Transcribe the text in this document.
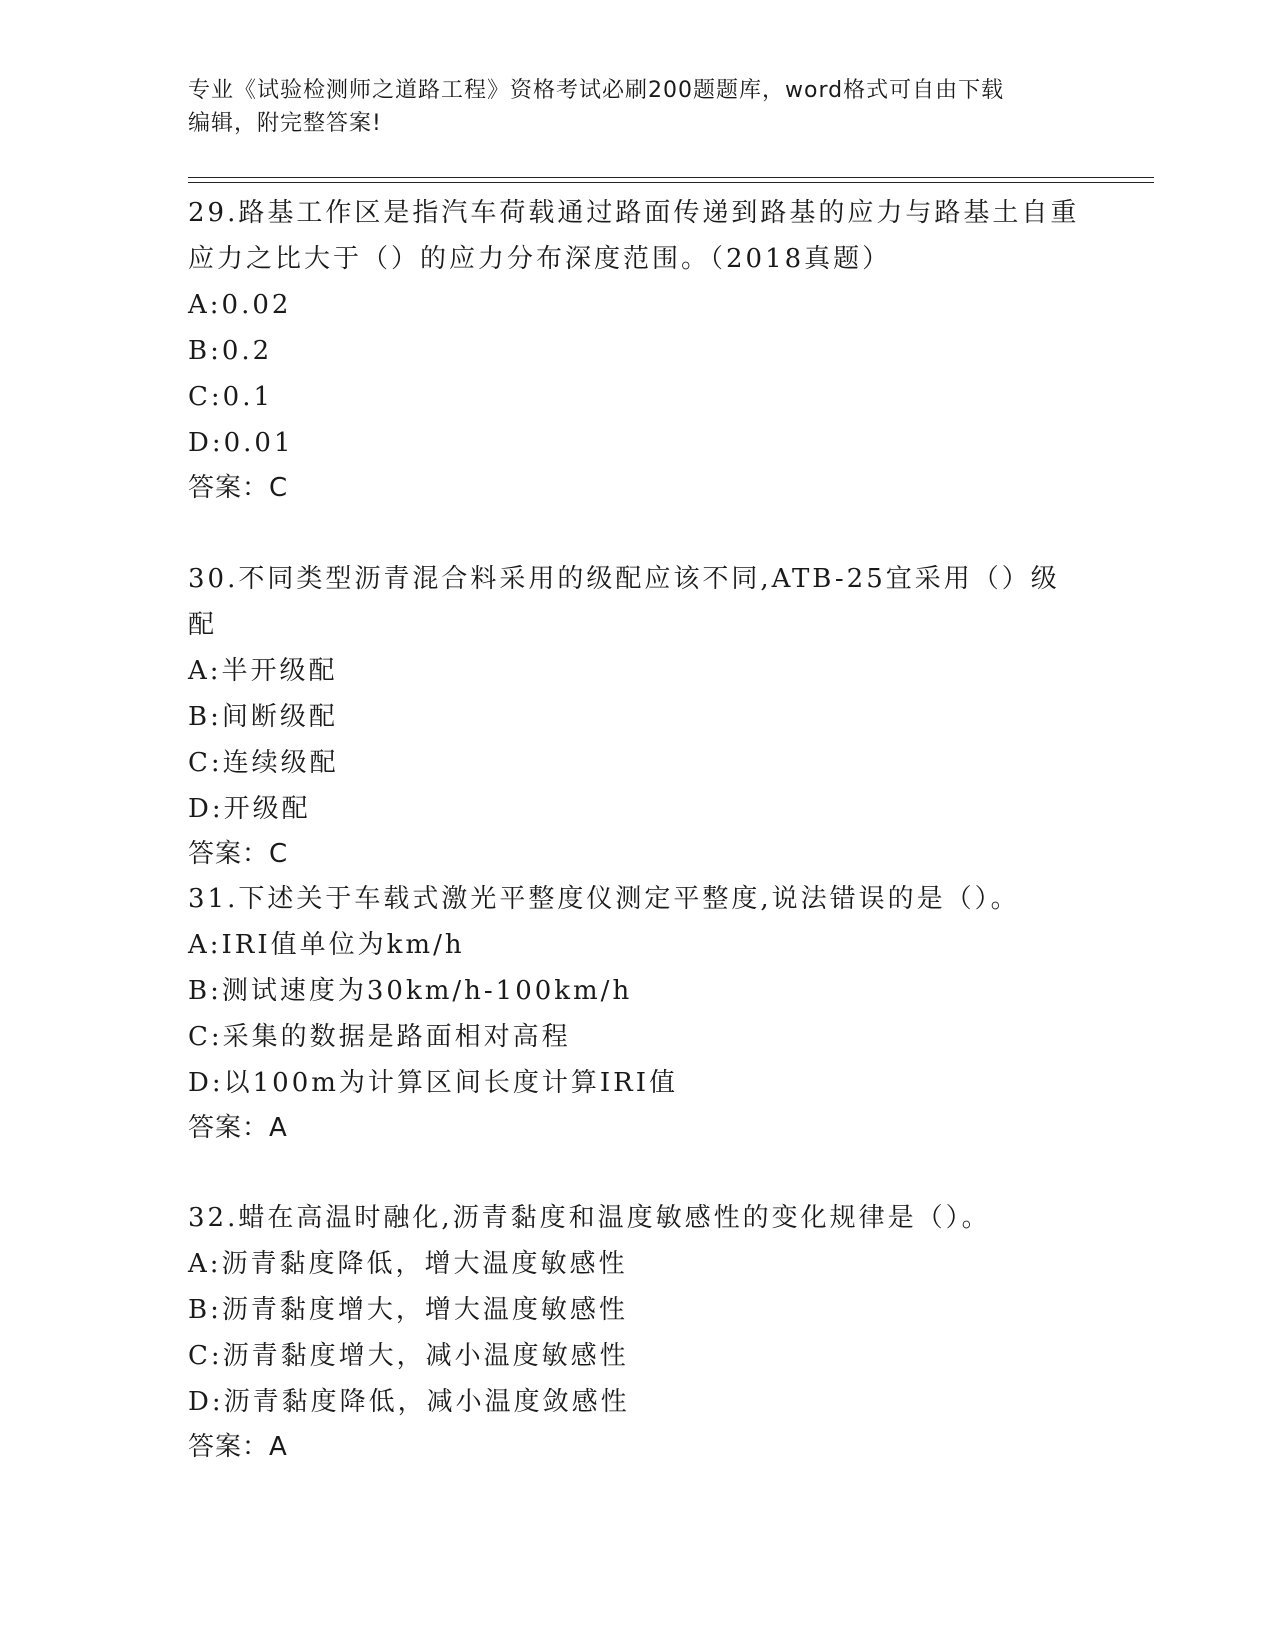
专业《试验检测师之道路工程》资格考试必刷200题题库，word格式可自由下载
编辑，附完整答案!

29.路基工作区是指汽车荷载通过路面传递到路基的应力与路基土自重

应力之比大于（）的应力分布深度范围。（2018真题）

A:0.02

B:0.2

C:0.1

D:0.01

答案：C

30.不同类型沥青混合料采用的级配应该不同,ATB-25宜采用（）级配

A:半开级配

B:间断级配

C:连续级配

D:开级配

答案：C

31.下述关于车载式激光平整度仪测定平整度,说法错误的是（）。

A:IRI值单位为km/h

B:测试速度为30km/h-100km/h

C:采集的数据是路面相对高程

D:以100m为计算区间长度计算IRI值

答案：A

32.蜡在高温时融化,沥青黏度和温度敏感性的变化规律是（）。

A:沥青黏度降低，增大温度敏感性

B:沥青黏度增大，增大温度敏感性

C:沥青黏度增大，减小温度敏感性

D:沥青黏度降低，减小温度敛感性

答案：A
